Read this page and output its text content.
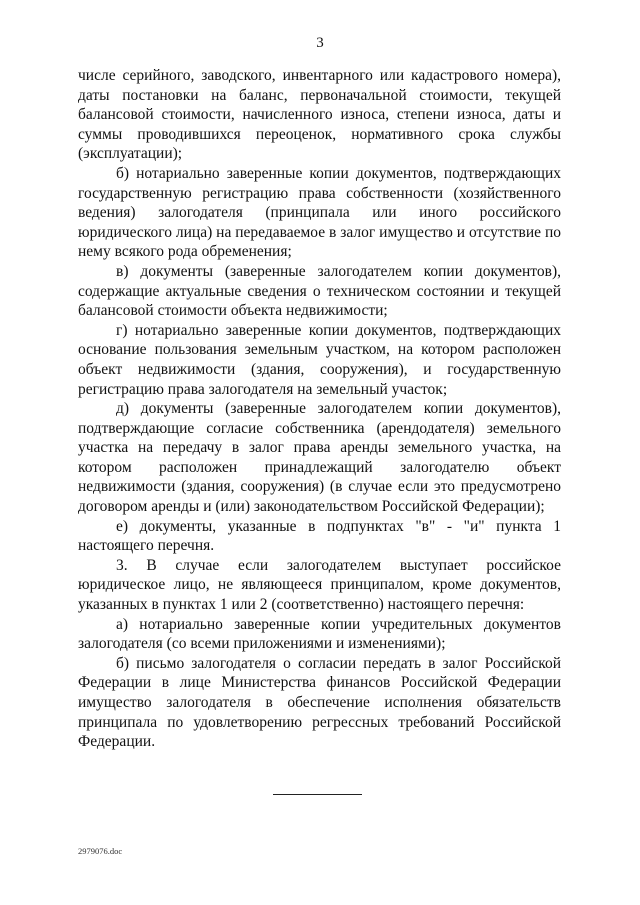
3

числе серийного, заводского, инвентарного или кадастрового номера), даты постановки на баланс, первоначальной стоимости, текущей балансовой стоимости, начисленного износа, степени износа, даты и суммы проводившихся переоценок, нормативного срока службы (эксплуатации);

б) нотариально заверенные копии документов, подтверждающих государственную регистрацию права собственности (хозяйственного ведения) залогодателя (принципала или иного российского юридического лица) на передаваемое в залог имущество и отсутствие по нему всякого рода обременения;

в) документы (заверенные залогодателем копии документов), содержащие актуальные сведения о техническом состоянии и текущей балансовой стоимости объекта недвижимости;

г) нотариально заверенные копии документов, подтверждающих основание пользования земельным участком, на котором расположен объект недвижимости (здания, сооружения), и государственную регистрацию права залогодателя на земельный участок;

д) документы (заверенные залогодателем копии документов), подтверждающие согласие собственника (арендодателя) земельного участка на передачу в залог права аренды земельного участка, на котором расположен принадлежащий залогодателю объект недвижимости (здания, сооружения) (в случае если это предусмотрено договором аренды и (или) законодательством Российской Федерации);

е) документы, указанные в подпунктах "в" - "и" пункта 1 настоящего перечня.

3. В случае если залогодателем выступает российское юридическое лицо, не являющееся принципалом, кроме документов, указанных в пунктах 1 или 2 (соответственно) настоящего перечня:

а) нотариально заверенные копии учредительных документов залогодателя (со всеми приложениями и изменениями);

б) письмо залогодателя о согласии передать в залог Российской Федерации в лице Министерства финансов Российской Федерации имущество залогодателя в обеспечение исполнения обязательств принципала по удовлетворению регрессных требований Российской Федерации.

2979076.doc
